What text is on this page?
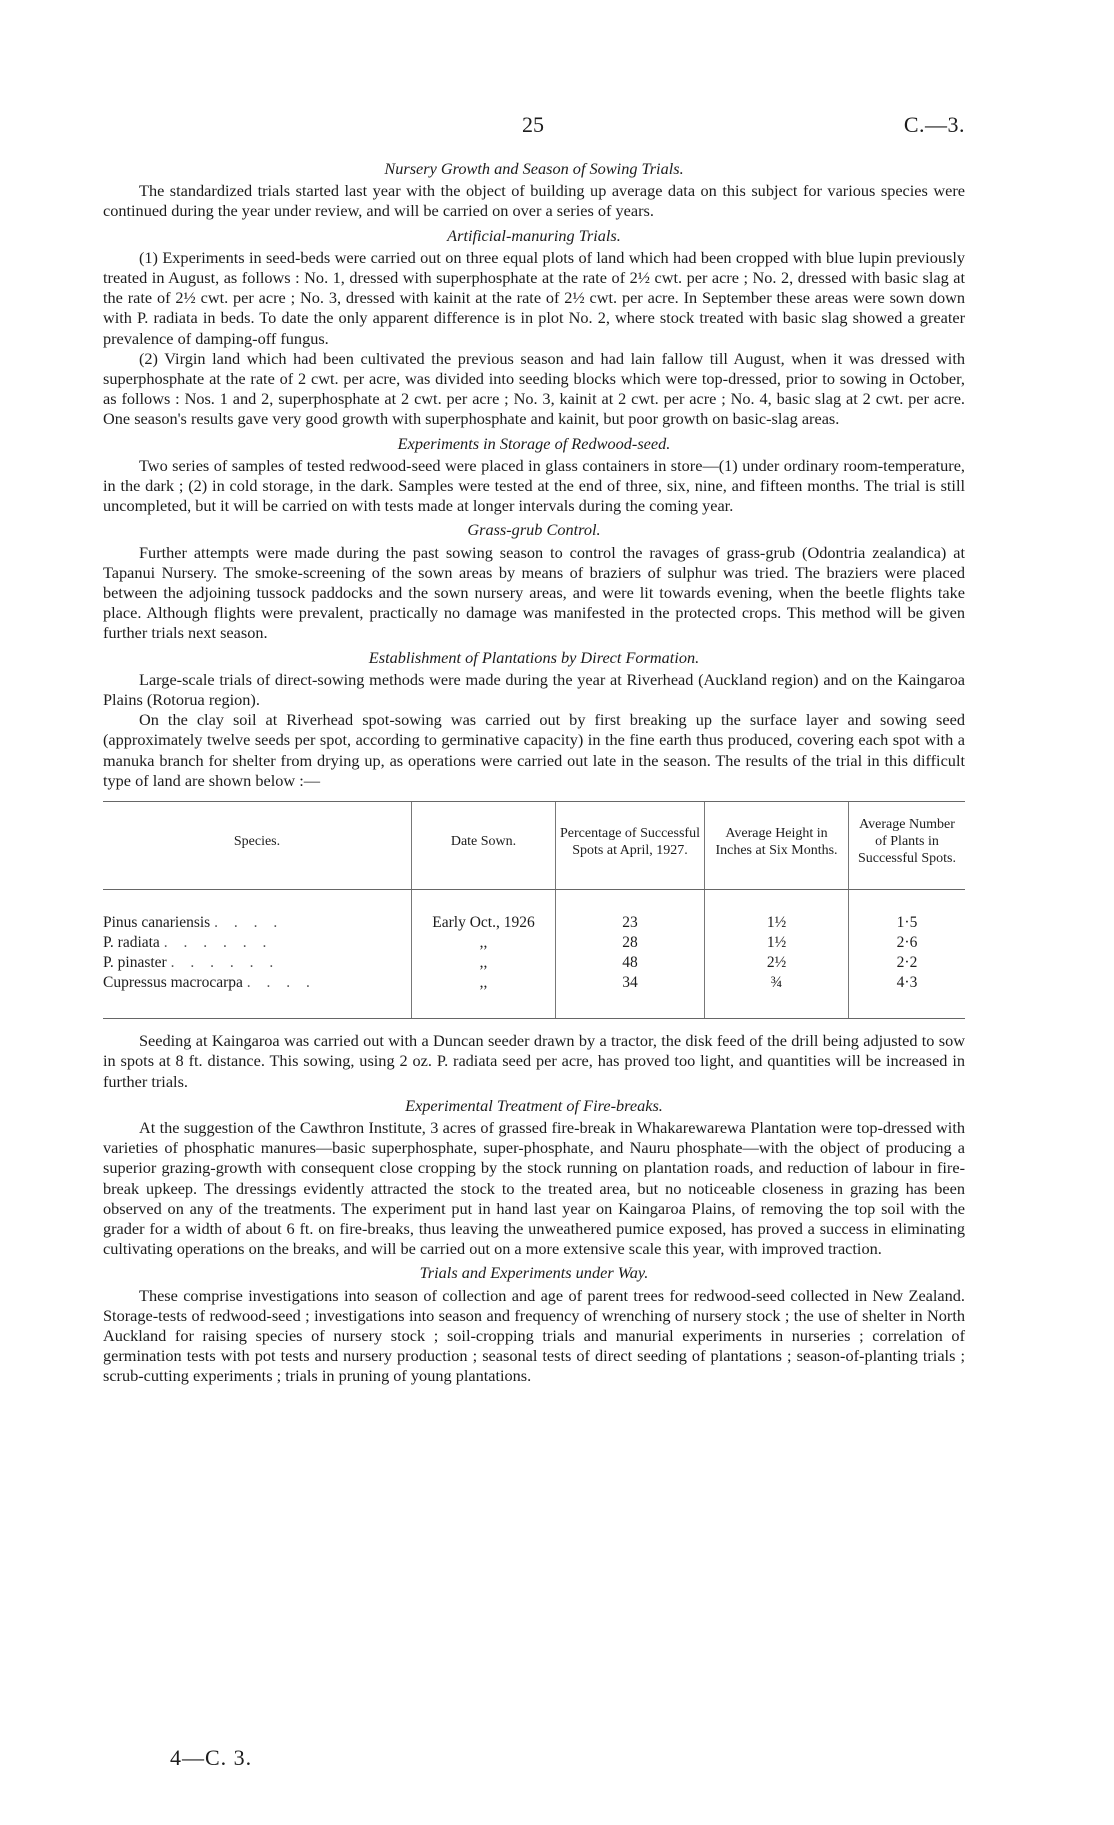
25	C.—3.
Nursery Growth and Season of Sowing Trials.

The standardized trials started last year with the object of building up average data on this subject for various species were continued during the year under review, and will be carried on over a series of years.

Artificial-manuring Trials.

(1) Experiments in seed-beds were carried out on three equal plots of land which had been cropped with blue lupin previously treated in August, as follows : No. 1, dressed with superphosphate at the rate of 2½ cwt. per acre ; No. 2, dressed with basic slag at the rate of 2½ cwt. per acre ; No. 3, dressed with kainit at the rate of 2½ cwt. per acre. In September these areas were sown down with P. radiata in beds. To date the only apparent difference is in plot No. 2, where stock treated with basic slag showed a greater prevalence of damping-off fungus.

(2) Virgin land which had been cultivated the previous season and had lain fallow till August, when it was dressed with superphosphate at the rate of 2 cwt. per acre, was divided into seeding blocks which were top-dressed, prior to sowing in October, as follows : Nos. 1 and 2, superphosphate at 2 cwt. per acre ; No. 3, kainit at 2 cwt. per acre ; No. 4, basic slag at 2 cwt. per acre. One season's results gave very good growth with superphosphate and kainit, but poor growth on basic-slag areas.

Experiments in Storage of Redwood-seed.

Two series of samples of tested redwood-seed were placed in glass containers in store—(1) under ordinary room-temperature, in the dark ; (2) in cold storage, in the dark. Samples were tested at the end of three, six, nine, and fifteen months. The trial is still uncompleted, but it will be carried on with tests made at longer intervals during the coming year.

Grass-grub Control.

Further attempts were made during the past sowing season to control the ravages of grass-grub (Odontria zealandica) at Tapanui Nursery. The smoke-screening of the sown areas by means of braziers of sulphur was tried. The braziers were placed between the adjoining tussock paddocks and the sown nursery areas, and were lit towards evening, when the beetle flights take place. Although flights were prevalent, practically no damage was manifested in the protected crops. This method will be given further trials next season.

Establishment of Plantations by Direct Formation.

Large-scale trials of direct-sowing methods were made during the year at Riverhead (Auckland region) and on the Kaingaroa Plains (Rotorua region).

On the clay soil at Riverhead spot-sowing was carried out by first breaking up the surface layer and sowing seed (approximately twelve seeds per spot, according to germinative capacity) in the fine earth thus produced, covering each spot with a manuka branch for shelter from drying up, as operations were carried out late in the season. The results of the trial in this difficult type of land are shown below :—

Species.	Date Sown.	Percentage of Successful Spots at April, 1927.	Average Height in Inches at Six Months.	Average Number of Plants in Successful Spots.
Pinus canariensis . . . .	Early Oct., 1926	23	1½	1·5
P. radiata . . . . . .	,,	28	1½	2·6
P. pinaster . . . . . .	,,	48	2½	2·2
Cupressus macrocarpa . . . .	,,	34	¾	4·3

Seeding at Kaingaroa was carried out with a Duncan seeder drawn by a tractor, the disk feed of the drill being adjusted to sow in spots at 8 ft. distance. This sowing, using 2 oz. P. radiata seed per acre, has proved too light, and quantities will be increased in further trials.

Experimental Treatment of Fire-breaks.

At the suggestion of the Cawthron Institute, 3 acres of grassed fire-break in Whakarewarewa Plantation were top-dressed with varieties of phosphatic manures—basic superphosphate, super-phosphate, and Nauru phosphate—with the object of producing a superior grazing-growth with consequent close cropping by the stock running on plantation roads, and reduction of labour in fire-break upkeep. The dressings evidently attracted the stock to the treated area, but no noticeable closeness in grazing has been observed on any of the treatments. The experiment put in hand last year on Kaingaroa Plains, of removing the top soil with the grader for a width of about 6 ft. on fire-breaks, thus leaving the unweathered pumice exposed, has proved a success in eliminating cultivating operations on the breaks, and will be carried out on a more extensive scale this year, with improved traction.

Trials and Experiments under Way.

These comprise investigations into season of collection and age of parent trees for redwood-seed collected in New Zealand. Storage-tests of redwood-seed ; investigations into season and frequency of wrenching of nursery stock ; the use of shelter in North Auckland for raising species of nursery stock ; soil-cropping trials and manurial experiments in nurseries ; correlation of germination tests with pot tests and nursery production ; seasonal tests of direct seeding of plantations ; season-of-planting trials ; scrub-cutting experiments ; trials in pruning of young plantations.

4—C. 3.
